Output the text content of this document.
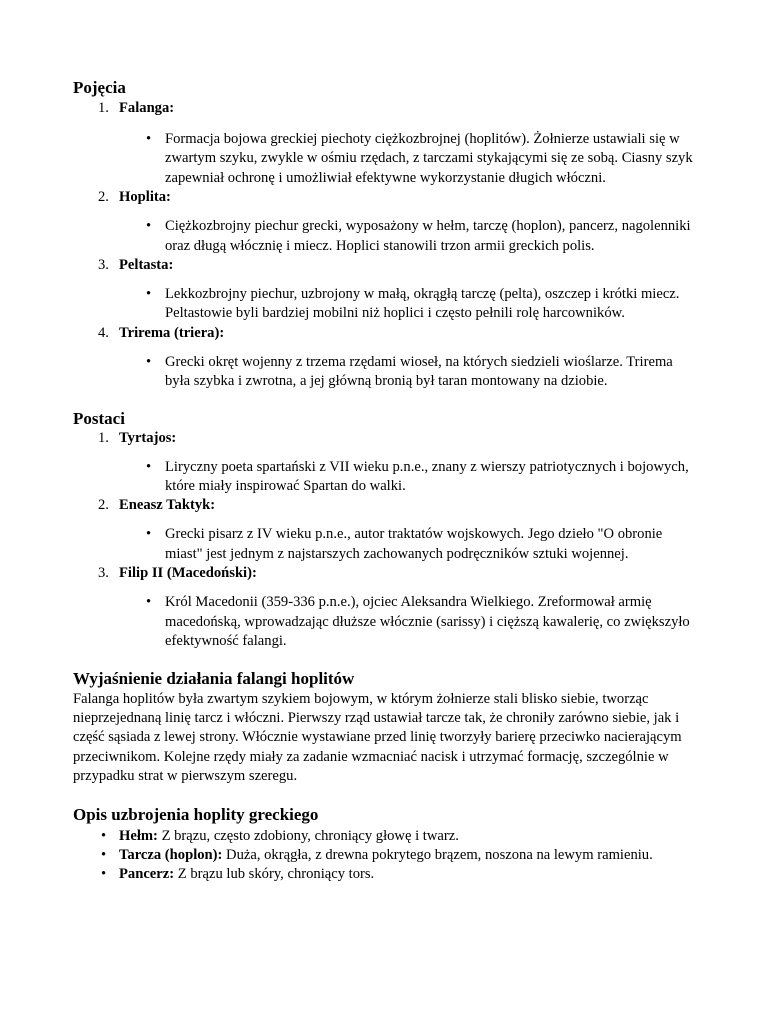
Pojęcia
1. Falanga:
• Formacja bojowa greckiej piechoty ciężkozbrojnej (hoplitów). Żołnierze ustawiali się w zwartym szyku, zwykle w ośmiu rzędach, z tarczami stykającymi się ze sobą. Ciasny szyk zapewniał ochronę i umożliwiał efektywne wykorzystanie długich włóczni.
2. Hoplita:
• Ciężkozbrojny piechur grecki, wyposażony w hełm, tarczę (hoplon), pancerz, nagolenniki oraz długą włócznię i miecz. Hoplici stanowili trzon armii greckich polis.
3. Peltasta:
• Lekkozbrojny piechur, uzbrojony w małą, okrągłą tarczę (pelta), oszczep i krótki miecz. Peltastowie byli bardziej mobilni niż hoplici i często pełnili rolę harcowników.
4. Trirema (triera):
• Grecki okręt wojenny z trzema rzędami wioseł, na których siedzieli wioślarze. Trirema była szybka i zwrotna, a jej główną bronią był taran montowany na dziobie.
Postaci
1. Tyrtajos:
• Liryczny poeta spartański z VII wieku p.n.e., znany z wierszy patriotycznych i bojowych, które miały inspirować Spartan do walki.
2. Eneasz Taktyk:
• Grecki pisarz z IV wieku p.n.e., autor traktatów wojskowych. Jego dzieło "O obronie miast" jest jednym z najstarszych zachowanych podręczników sztuki wojennej.
3. Filip II (Macedoński):
• Król Macedonii (359-336 p.n.e.), ojciec Aleksandra Wielkiego. Zreformował armię macedońską, wprowadzając dłuższe włócznie (sarissy) i cięższą kawalerię, co zwiększyło efektywność falangi.
Wyjaśnienie działania falangi hoplitów

Falanga hoplitów była zwartym szykiem bojowym, w którym żołnierze stali blisko siebie, tworząc nieprzejednaną linię tarcz i włóczni. Pierwszy rząd ustawiał tarcze tak, że chroniły zarówno siebie, jak i część sąsiada z lewej strony. Włócznie wystawiane przed linię tworzyły barierę przeciwko nacierającym przeciwnikom. Kolejne rzędy miały za zadanie wzmacniać nacisk i utrzymać formację, szczególnie w przypadku strat w pierwszym szeregu.

Opis uzbrojenia hoplity greckiego
• Hełm: Z brązu, często zdobiony, chroniący głowę i twarz.
• Tarcza (hoplon): Duża, okrągła, z drewna pokrytego brązem, noszona na lewym ramieniu.
• Pancerz: Z brązu lub skóry, chroniący tors.
